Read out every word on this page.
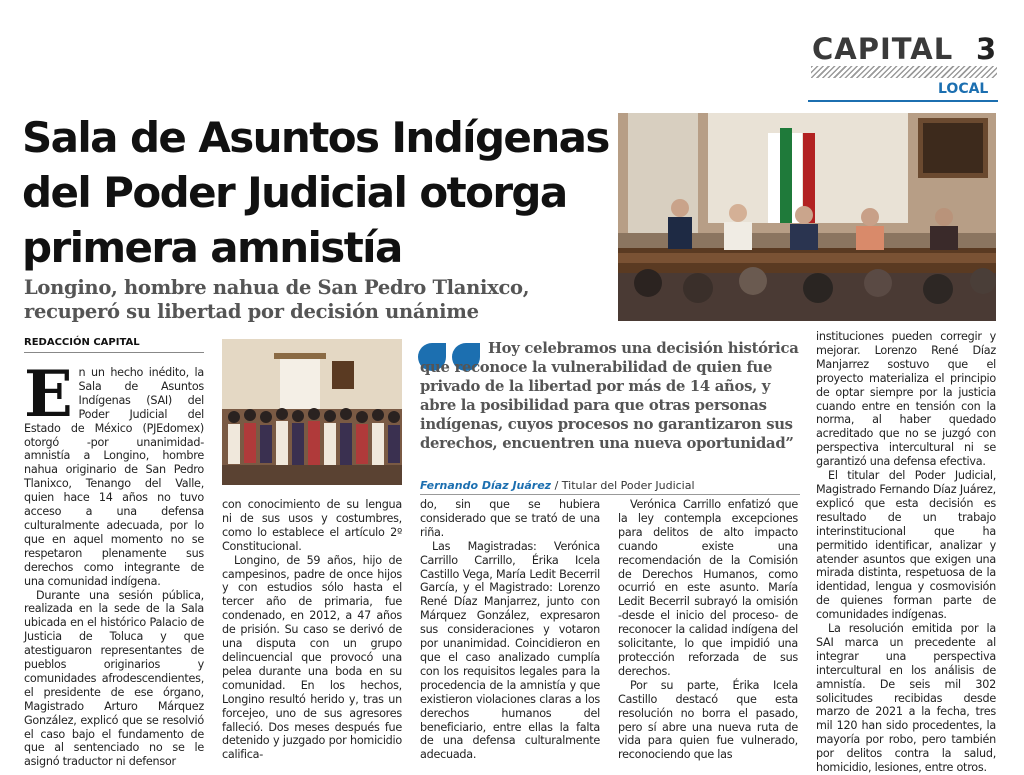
CAPITAL 3
LOCAL
Sala de Asuntos Indígenas del Poder Judicial otorga primera amnistía
Longino, hombre nahua de San Pedro Tlanixco, recuperó su libertad por decisión unánime
REDACCIÓN CAPITAL
E n un hecho inédito, la Sala de Asuntos Indígenas (SAI) del Poder Judicial del Estado de México (PJEdomex) otorgó -por unanimidad- amnistía a Longino, hombre nahua originario de San Pedro Tlanixco, Tenango del Valle, quien hace 14 años no tuvo acceso a una defensa culturalmente adecuada, por lo que en aquel momento no se respetaron plenamente sus derechos como integrante de una comunidad indígena.

Durante una sesión pública, realizada en la sede de la Sala ubicada en el histórico Palacio de Justicia de Toluca y que atestiguaron representantes de pueblos originarios y comunidades afrodescendientes, el presidente de ese órgano, Magistrado Arturo Márquez González, explicó que se resolvió el caso bajo el fundamento de que al sentenciado no se le asignó traductor ni defensor

con conocimiento de su lengua ni de sus usos y costumbres, como lo establece el artículo 2º Constitucional.

Longino, de 59 años, hijo de campesinos, padre de once hijos y con estudios sólo hasta el tercer año de primaria, fue condenado, en 2012, a 47 años de prisión. Su caso se derivó de una disputa con un grupo delincuencial que provocó una pelea durante una boda en su comunidad. En los hechos, Longino resultó herido y, tras un forcejeo, uno de sus agresores falleció. Dos meses después fue detenido y juzgado por homicidio califica-

Hoy celebramos una decisión histórica que reconoce la vulnerabilidad de quien fue privado de la libertad por más de 14 años, y abre la posibilidad para que otras personas indígenas, cuyos procesos no garantizaron sus derechos, encuentren una nueva oportunidad”
Fernando Díaz Juárez / Titular del Poder Judicial

do, sin que se hubiera considerado que se trató de una riña.

Las Magistradas: Verónica Carrillo Carrillo, Érika Icela Castillo Vega, María Ledit Becerril García, y el Magistrado: Lorenzo René Díaz Manjarrez, junto con Márquez González, expresaron sus consideraciones y votaron por unanimidad. Coincidieron en que el caso analizado cumplía con los requisitos legales para la procedencia de la amnistía y que existieron violaciones claras a los derechos humanos del beneficiario, entre ellas la falta de una defensa culturalmente adecuada.

Verónica Carrillo enfatizó que la ley contempla excepciones para delitos de alto impacto cuando existe una recomendación de la Comisión de Derechos Humanos, como ocurrió en este asunto. María Ledit Becerril subrayó la omisión -desde el inicio del proceso- de reconocer la calidad indígena del solicitante, lo que impidió una protección reforzada de sus derechos.

Por su parte, Érika Icela Castillo destacó que esta resolución no borra el pasado, pero sí abre una nueva ruta de vida para quien fue vulnerado, reconociendo que las

instituciones pueden corregir y mejorar. Lorenzo René Díaz Manjarrez sostuvo que el proyecto materializa el principio de optar siempre por la justicia cuando entre en tensión con la norma, al haber quedado acreditado que no se juzgó con perspectiva intercultural ni se garantizó una defensa efectiva.

El titular del Poder Judicial, Magistrado Fernando Díaz Juárez, explicó que esta decisión es resultado de un trabajo interinstitucional que ha permitido identificar, analizar y atender asuntos que exigen una mirada distinta, respetuosa de la identidad, lengua y cosmovisión de quienes forman parte de comunidades indígenas.

La resolución emitida por la SAI marca un precedente al integrar una perspectiva intercultural en los análisis de amnistía. De seis mil 302 solicitudes recibidas desde marzo de 2021 a la fecha, tres mil 120 han sido procedentes, la mayoría por robo, pero también por delitos contra la salud, homicidio, lesiones, entre otros.
